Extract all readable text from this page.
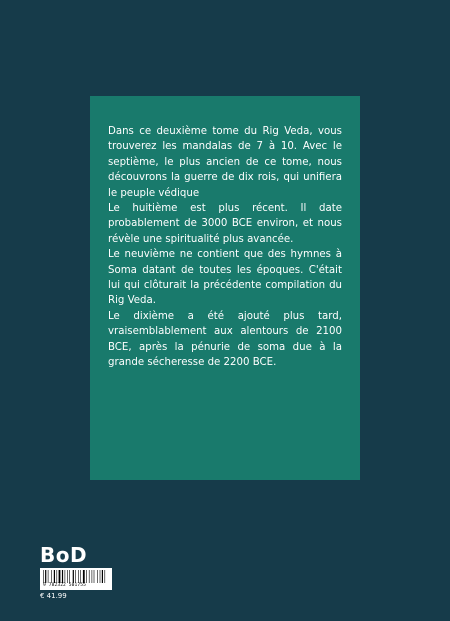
Dans ce deuxième tome du Rig Veda, vous trouverez les mandalas de 7 à 10. Avec le septième, le plus ancien de ce tome, nous découvrons la guerre de dix rois, qui unifiera le peuple védique

Le huitième est plus récent. Il date probablement de 3000 BCE environ, et nous révèle une spiritualité plus avancée.

Le neuvième ne contient que des hymnes à Soma datant de toutes les époques. C'était lui qui clôturait la précédente compilation du Rig Veda.

Le dixième a été ajouté plus tard, vraisemblablement aux alentours de 2100 BCE, après la pénurie de soma due à la grande sécheresse de 2200 BCE.

BoD
9 782322 501755
€ 41.99
